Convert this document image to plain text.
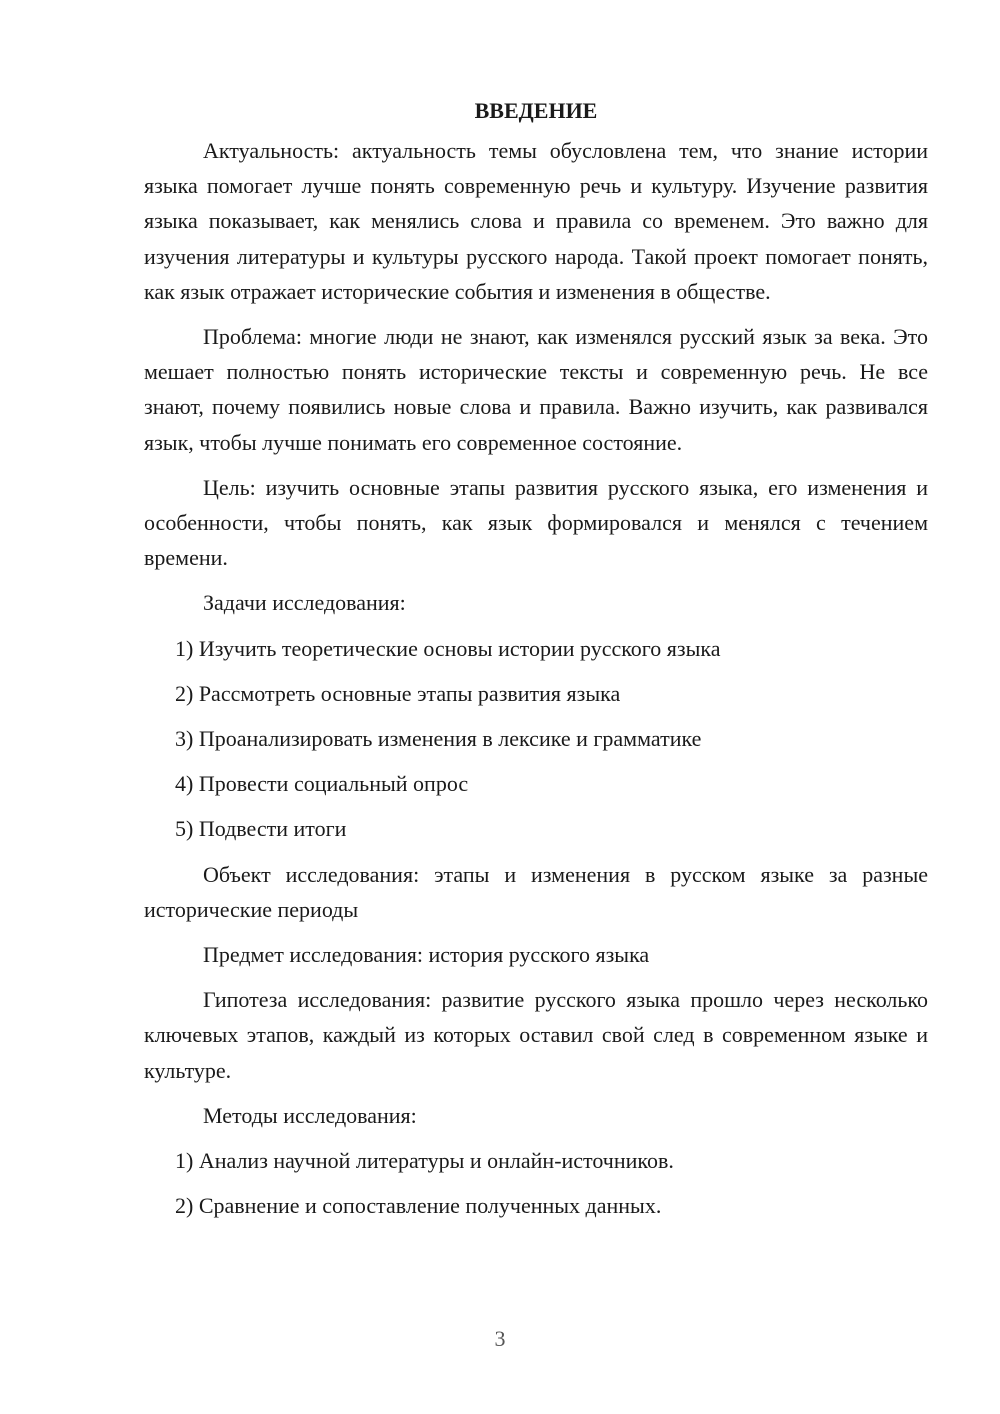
ВВЕДЕНИЕ
Актуальность: актуальность темы обусловлена тем, что знание истории языка помогает лучше понять современную речь и культуру. Изучение развития языка показывает, как менялись слова и правила со временем. Это важно для изучения литературы и культуры русского народа. Такой проект помогает понять, как язык отражает исторические события и изменения в обществе.
Проблема: многие люди не знают, как изменялся русский язык за века. Это мешает полностью понять исторические тексты и современную речь. Не все знают, почему появились новые слова и правила. Важно изучить, как развивался язык, чтобы лучше понимать его современное состояние.
Цель: изучить основные этапы развития русского языка, его изменения и особенности, чтобы понять, как язык формировался и менялся с течением времени.
Задачи исследования:
1) Изучить теоретические основы истории русского языка
2) Рассмотреть основные этапы развития языка
3) Проанализировать изменения в лексике и грамматике
4) Провести социальный опрос
5) Подвести итоги
Объект исследования: этапы и изменения в русском языке за разные исторические периоды
Предмет исследования: история русского языка
Гипотеза исследования: развитие русского языка прошло через несколько ключевых этапов, каждый из которых оставил свой след в современном языке и культуре.
Методы исследования:
1) Анализ научной литературы и онлайн-источников.
2) Сравнение и сопоставление полученных данных.
3
